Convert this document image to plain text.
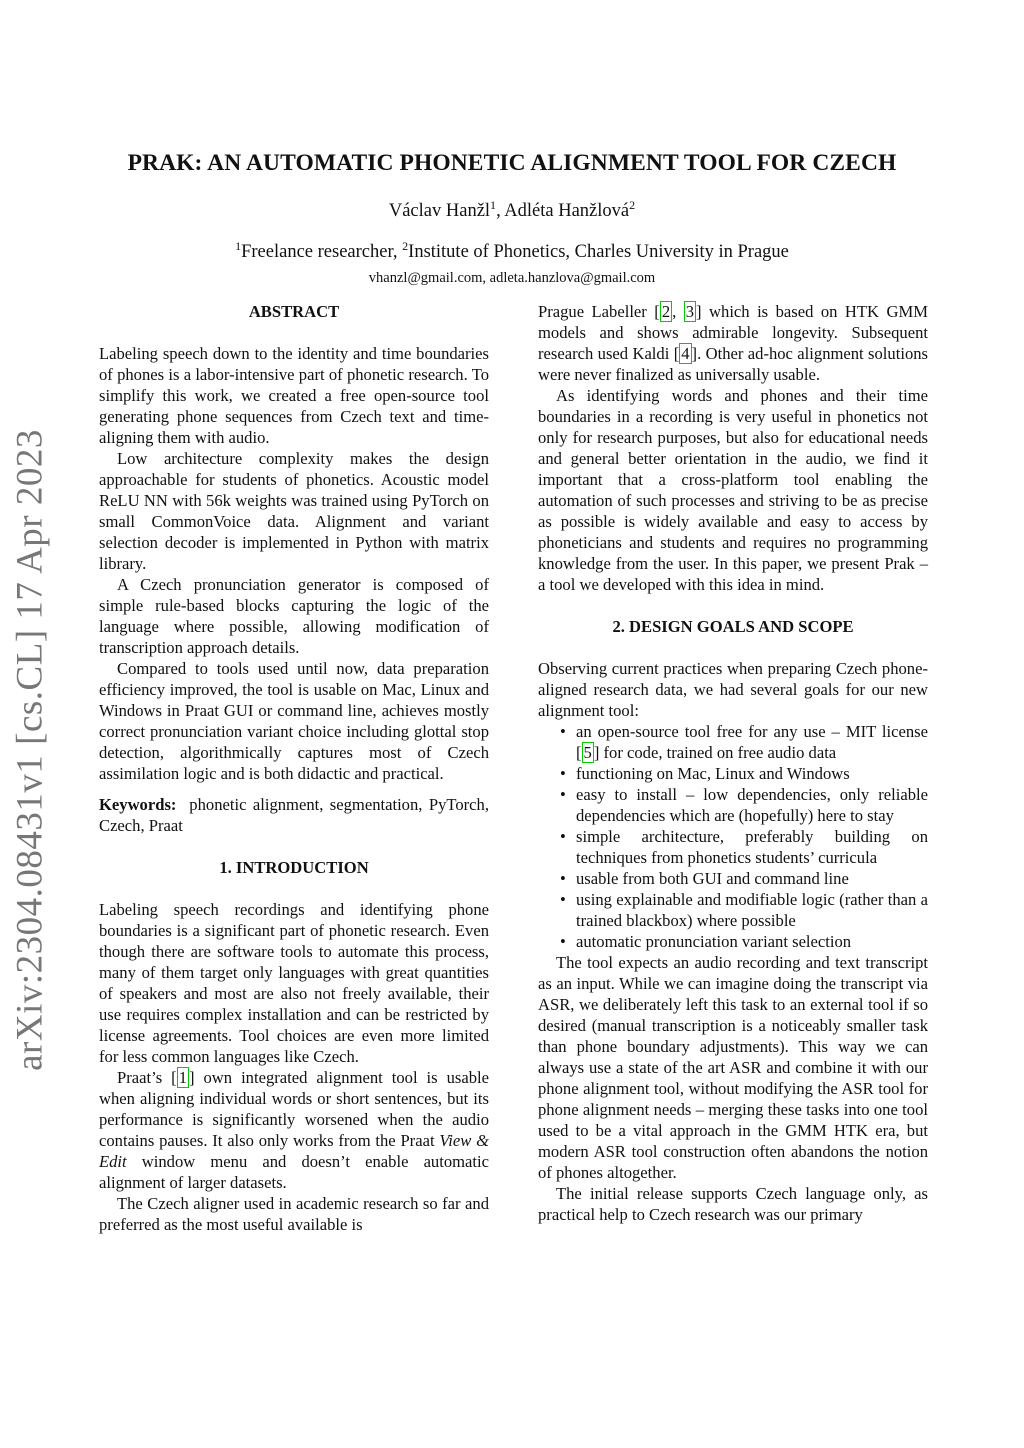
PRAK: AN AUTOMATIC PHONETIC ALIGNMENT TOOL FOR CZECH
Václav Hanžl$^1$, Adléta Hanžlová$^2$
$^1$Freelance researcher, $^2$Institute of Phonetics, Charles University in Prague
vhanzl@gmail.com, adleta.hanzlova@gmail.com
arXiv:2304.08431v1 [cs.CL] 17 Apr 2023
ABSTRACT

Labeling speech down to the identity and time boundaries of phones is a labor-intensive part of phonetic research. To simplify this work, we created a free open-source tool generating phone sequences from Czech text and time-aligning them with audio.

Low architecture complexity makes the design approachable for students of phonetics. Acoustic model ReLU NN with 56k weights was trained using PyTorch on small CommonVoice data. Alignment and variant selection decoder is implemented in Python with matrix library.

A Czech pronunciation generator is composed of simple rule-based blocks capturing the logic of the language where possible, allowing modification of transcription approach details.

Compared to tools used until now, data preparation efficiency improved, the tool is usable on Mac, Linux and Windows in Praat GUI or command line, achieves mostly correct pronunciation variant choice including glottal stop detection, algorithmically captures most of Czech assimilation logic and is both didactic and practical.

Keywords: phonetic alignment, segmentation, PyTorch, Czech, Praat

1. INTRODUCTION

Labeling speech recordings and identifying phone boundaries is a significant part of phonetic research. Even though there are software tools to automate this process, many of them target only languages with great quantities of speakers and most are also not freely available, their use requires complex installation and can be restricted by license agreements. Tool choices are even more limited for less common languages like Czech.

Praat’s [ 1 ] own integrated alignment tool is usable when aligning individual words or short sentences, but its performance is significantly worsened when the audio contains pauses. It also only works from the Praat View & Edit window menu and doesn’t enable automatic alignment of larger datasets.

The Czech aligner used in academic research so far and preferred as the most useful available is

Prague Labeller [ 2 , 3 ] which is based on HTK GMM models and shows admirable longevity. Subsequent research used Kaldi [ 4 ]. Other ad-hoc alignment solutions were never finalized as universally usable.

As identifying words and phones and their time boundaries in a recording is very useful in phonetics not only for research purposes, but also for educational needs and general better orientation in the audio, we find it important that a cross-platform tool enabling the automation of such processes and striving to be as precise as possible is widely available and easy to access by phoneticians and students and requires no programming knowledge from the user. In this paper, we present Prak – a tool we developed with this idea in mind.

2. DESIGN GOALS AND SCOPE

Observing current practices when preparing Czech phone-aligned research data, we had several goals for our new alignment tool:

• an open-source tool free for any use – MIT license [ 5 ] for code, trained on free audio data
• functioning on Mac, Linux and Windows
• easy to install – low dependencies, only reliable dependencies which are (hopefully) here to stay
• simple architecture, preferably building on techniques from phonetics students’ curricula
• usable from both GUI and command line
• using explainable and modifiable logic (rather than a trained blackbox) where possible
• automatic pronunciation variant selection

The tool expects an audio recording and text transcript as an input. While we can imagine doing the transcript via ASR, we deliberately left this task to an external tool if so desired (manual transcription is a noticeably smaller task than phone boundary adjustments). This way we can always use a state of the art ASR and combine it with our phone alignment tool, without modifying the ASR tool for phone alignment needs – merging these tasks into one tool used to be a vital approach in the GMM HTK era, but modern ASR tool construction often abandons the notion of phones altogether.

The initial release supports Czech language only, as practical help to Czech research was our primary
